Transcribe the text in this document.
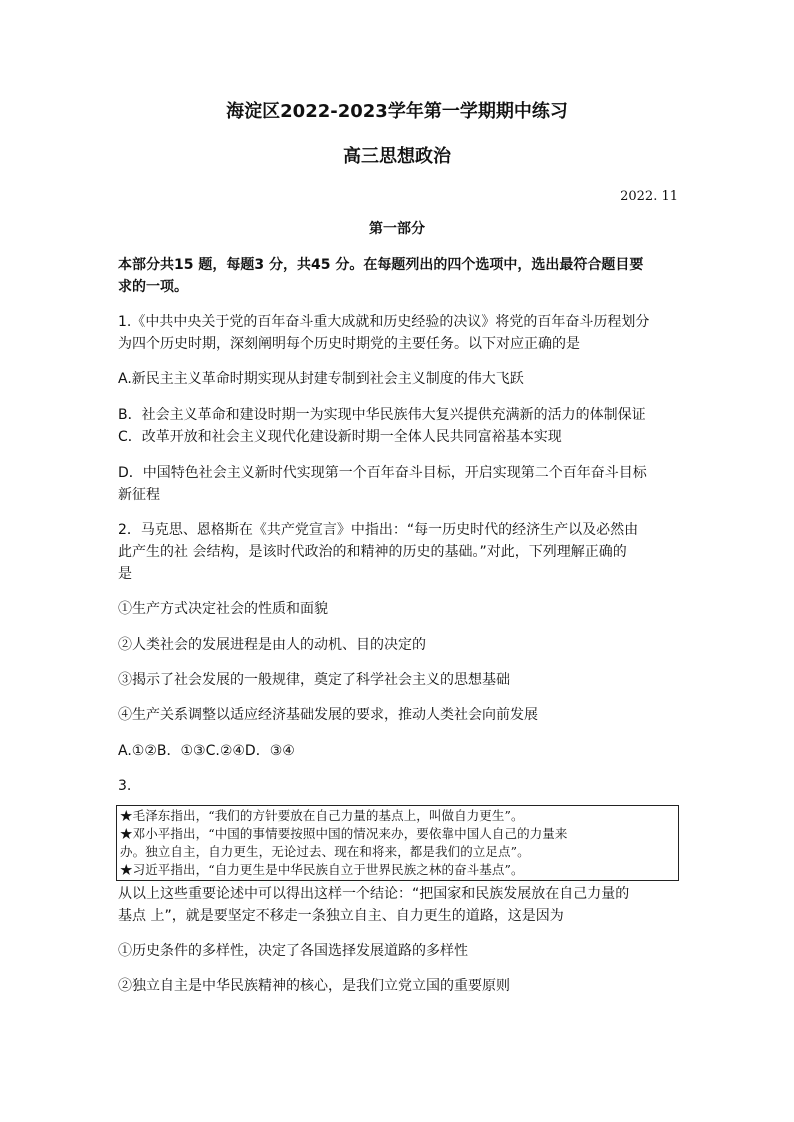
海淀区2022-2023学年第一学期期中练习
高三思想政治
2022. 11
第一部分
本部分共15 题，每题3 分，共45 分。在每题列出的四个选项中，选出最符合题目要
求的一项。
1.《中共中央关于党的百年奋斗重大成就和历史经验的决议》将党的百年奋斗历程划分
为四个历史时期，深刻阐明每个历史时期党的主要任务。以下对应正确的是
A.新民主主义革命时期实现从封建专制到社会主义制度的伟大飞跃
B．社会主义革命和建设时期一为实现中华民族伟大复兴提供充满新的活力的体制保证
C．改革开放和社会主义现代化建设新时期一全体人民共同富裕基本实现
D．中国特色社会主义新时代实现第一个百年奋斗目标，开启实现第二个百年奋斗目标
新征程
2．马克思、恩格斯在《共产党宣言》中指出：“每一历史时代的经济生产以及必然由
此产生的社 会结构，是该时代政治的和精神的历史的基础。”对此，下列理解正确的
是
①生产方式决定社会的性质和面貌
②人类社会的发展进程是由人的动机、目的决定的
③揭示了社会发展的一般规律，奠定了科学社会主义的思想基础
④生产关系调整以适应经济基础发展的要求，推动人类社会向前发展
A.①②B．①③C.②④D．③④
3.
★毛泽东指出，“我们的方针要放在自己力量的基点上，叫做自力更生”。
★邓小平指出，“中国的事情要按照中国的情况来办，要依靠中国人自己的力量来
办。独立自主，自力更生，无论过去、现在和将来，都是我们的立足点”。
★习近平指出，“自力更生是中华民族自立于世界民族之林的奋斗基点”。
从以上这些重要论述中可以得出这样一个结论：“把国家和民族发展放在自己力量的
基点 上”，就是要坚定不移走一条独立自主、自力更生的道路，这是因为
①历史条件的多样性，决定了各国选择发展道路的多样性
②独立自主是中华民族精神的核心，是我们立党立国的重要原则
